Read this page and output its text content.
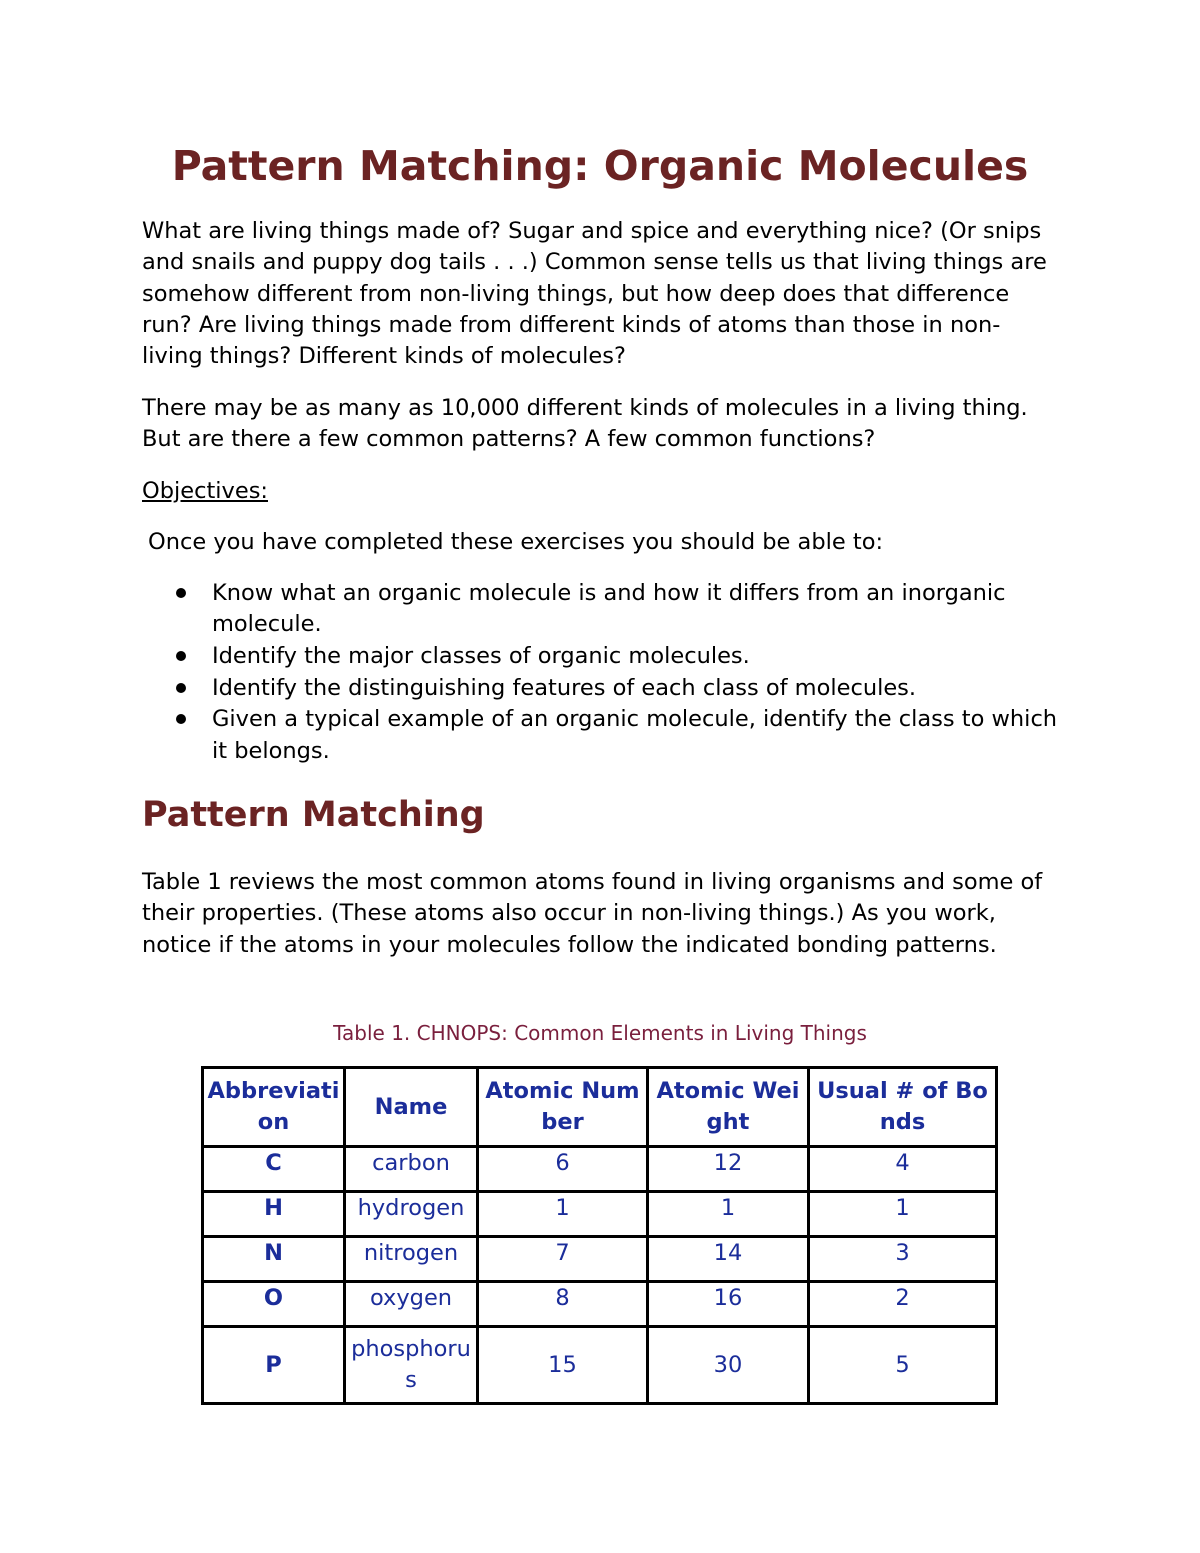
Pattern Matching: Organic Molecules

What are living things made of? Sugar and spice and everything nice? (Or snips and snails and puppy dog tails . . .) Common sense tells us that living things are somehow different from non-living things, but how deep does that difference run? Are living things made from different kinds of atoms than those in non-living things? Different kinds of molecules?

There may be as many as 10,000 different kinds of molecules in a living thing. But are there a few common patterns? A few common functions?

Objectives:

Once you have completed these exercises you should be able to:

Know what an organic molecule is and how it differs from an inorganic molecule.
Identify the major classes of organic molecules.
Identify the distinguishing features of each class of molecules.
Given a typical example of an organic molecule, identify the class to which it belongs.
Pattern Matching

Table 1 reviews the most common atoms found in living organisms and some of their properties. (These atoms also occur in non-living things.) As you work, notice if the atoms in your molecules follow the indicated bonding patterns.

Table 1. CHNOPS: Common Elements in Living Things

Abbreviation	Name	Atomic Number	Atomic Weight	Usual # of Bonds
C	carbon	6	12	4
H	hydrogen	1	1	1
N	nitrogen	7	14	3
O	oxygen	8	16	2
P	phosphorus	15	30	5
